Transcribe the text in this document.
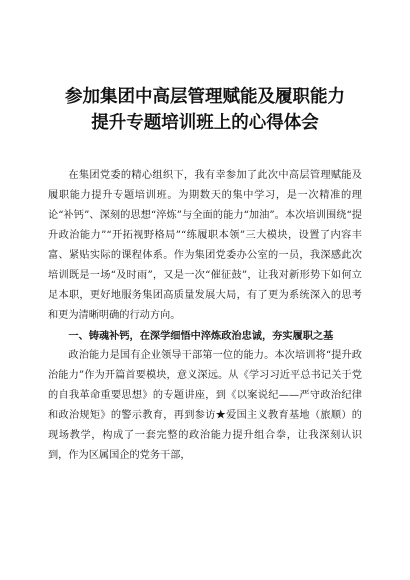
参加集团中高层管理赋能及履职能力
提升专题培训班上的心得体会

在集团党委的精心组织下，我有幸参加了此次中高层管理赋能及履职能力提升专题培训班。为期数天的集中学习，是一次精准的理论“补钙”、深刻的思想“淬炼”与全面的能力“加油”。本次培训围绕“提升政治能力”“开拓视野格局”“练履职本领”三大模块，设置了内容丰富、紧贴实际的课程体系。作为集团党委办公室的一员，我深感此次培训既是一场“及时雨”，又是一次“催征鼓”，让我对新形势下如何立足本职，更好地服务集团高质量发展大局，有了更为系统深入的思考和更为清晰明确的行动方向。

一、铸魂补钙，在深学细悟中淬炼政治忠诚，夯实履职之基

政治能力是国有企业领导干部第一位的能力。本次培训将“提升政治能力”作为开篇首要模块，意义深远。从《学习习近平总书记关于党的自我革命重要思想》的专题讲座，到《以案说纪——严守政治纪律和政治规矩》的警示教育，再到参访★爱国主义教育基地（旅顺）的现场教学，构成了一套完整的政治能力提升组合拳，让我深刻认识到，作为区属国企的党务干部，
